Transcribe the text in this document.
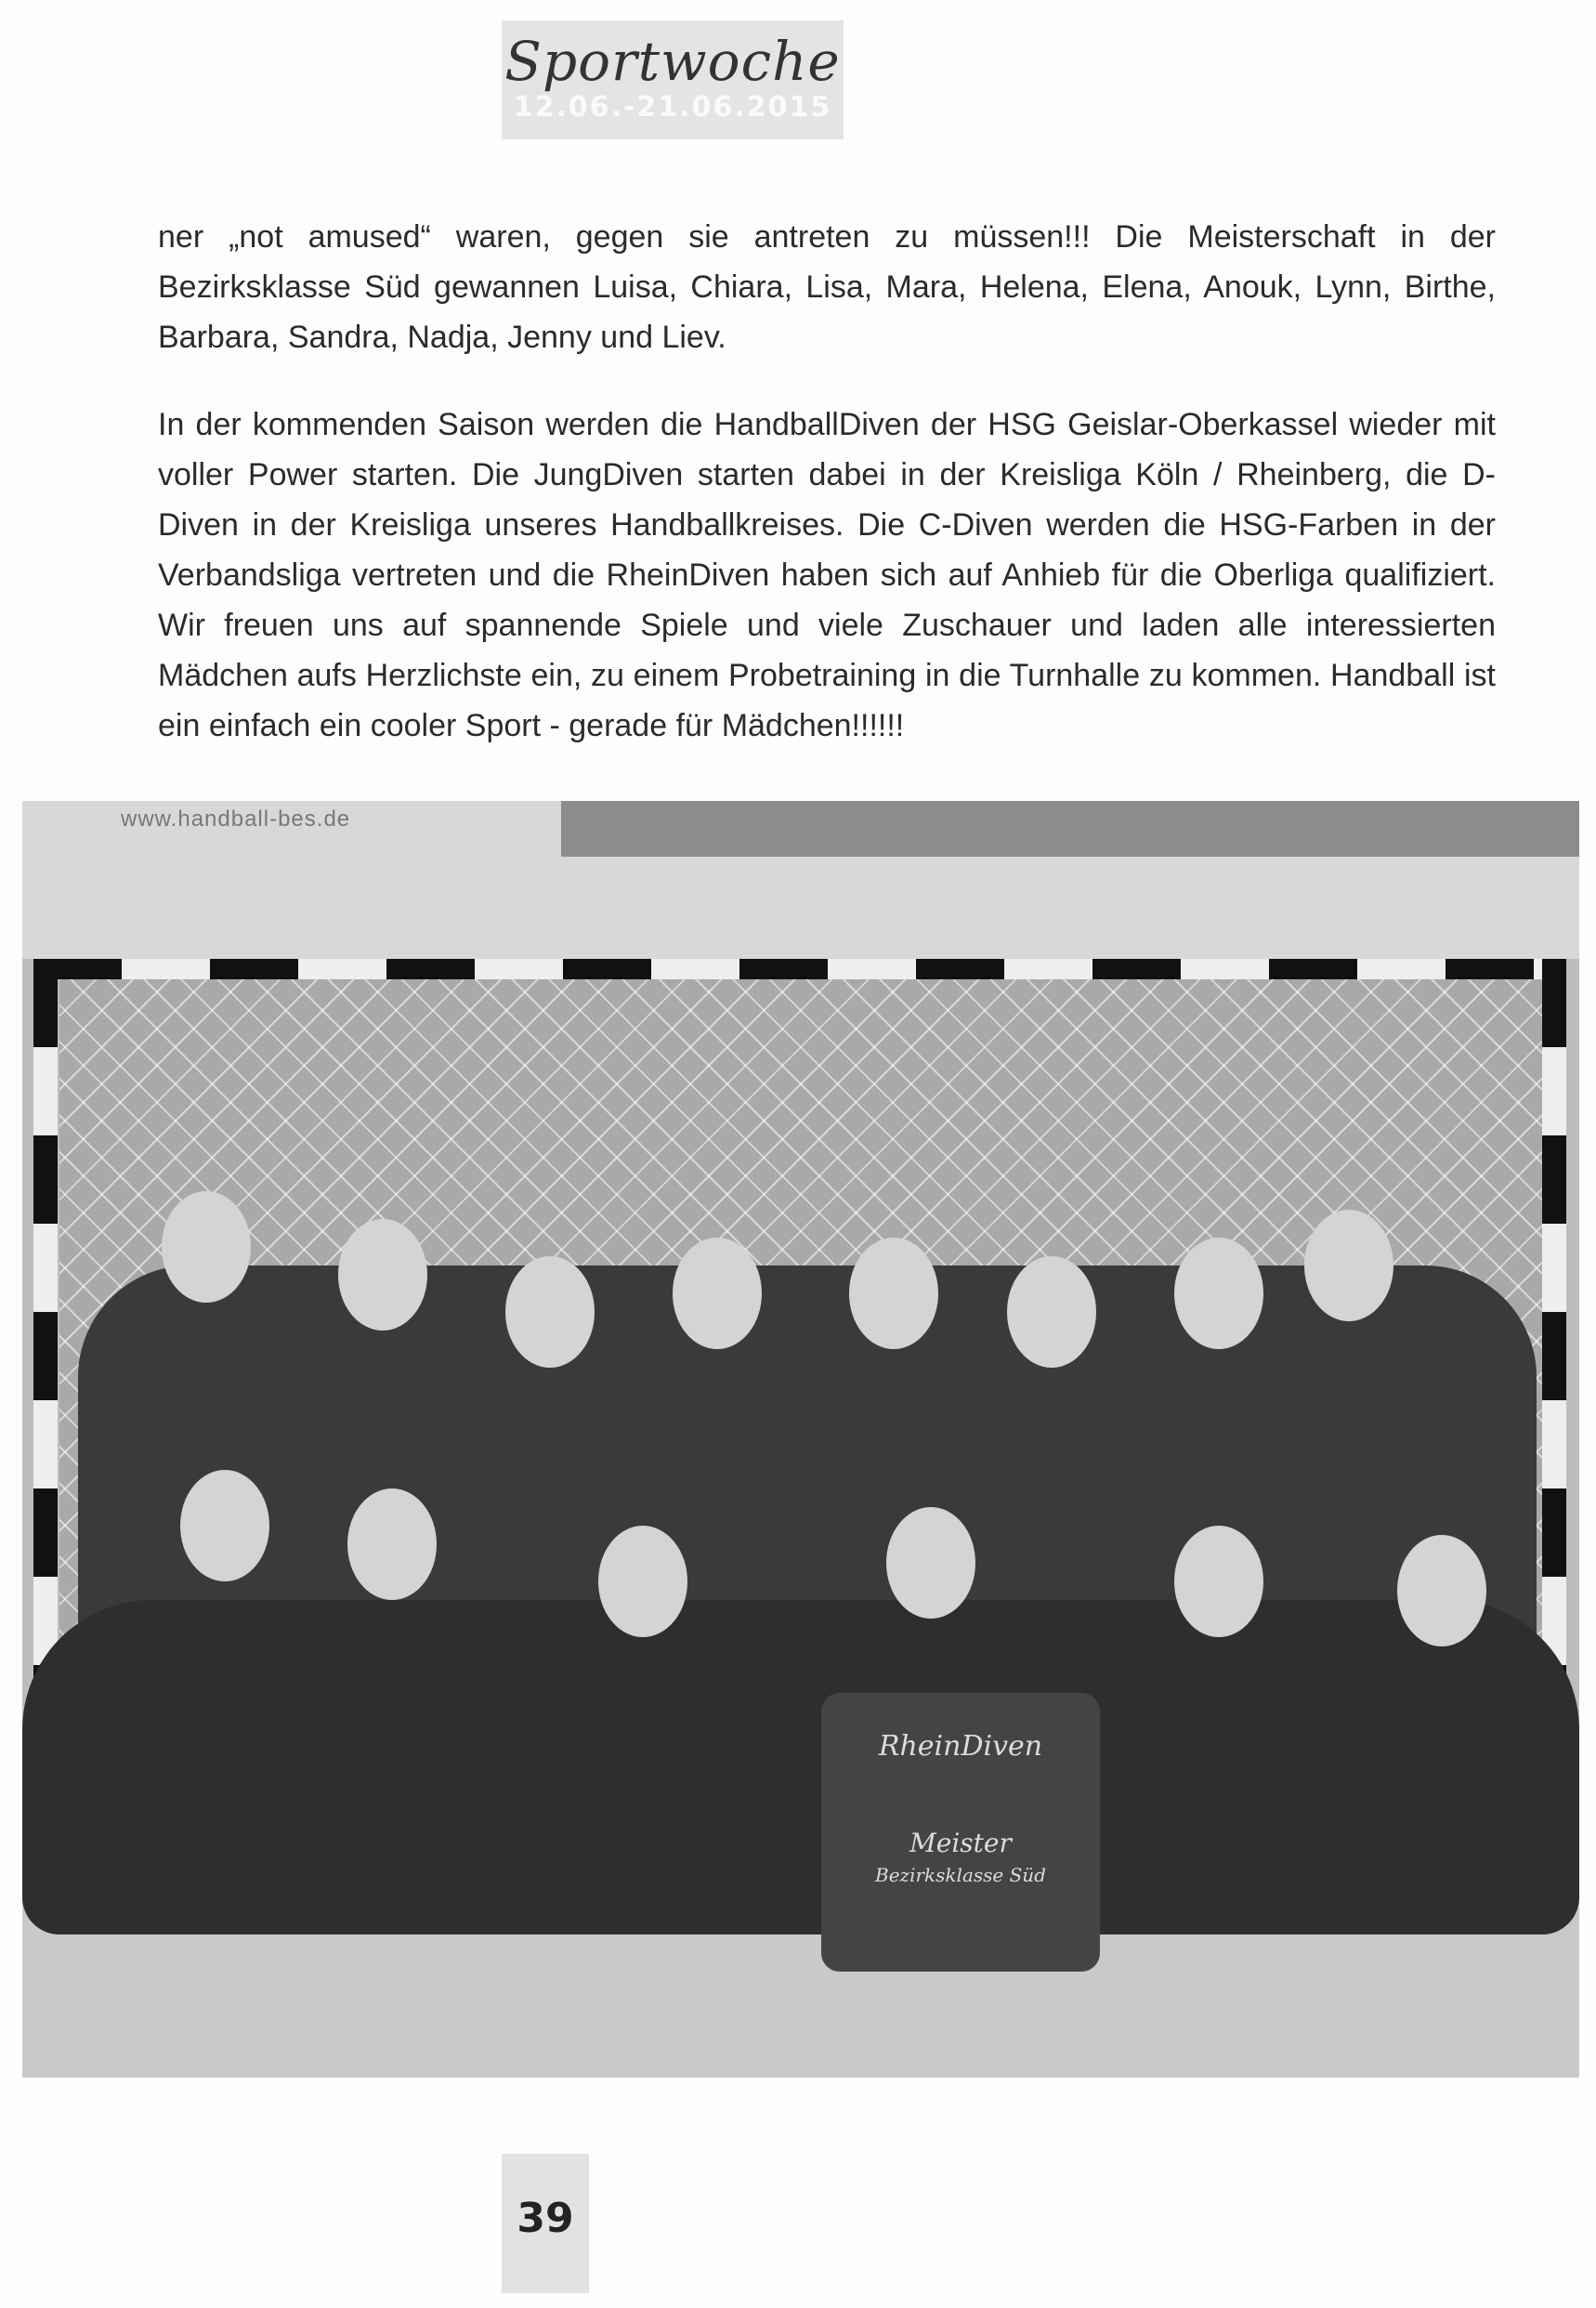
Sportwoche
12.06.-21.06.2015

ner „not amused“ waren, gegen sie antreten zu müssen!!! Die Meisterschaft in der Bezirksklasse Süd gewannen Luisa, Chiara, Lisa, Mara, Helena, Elena, Anouk, Lynn, Birthe, Barbara, Sandra, Nadja, Jenny und Liev.

In der kommenden Saison werden die HandballDiven der HSG Geislar-Oberkassel wieder mit voller Power starten. Die JungDiven starten dabei in der Kreisliga Köln / Rheinberg, die D-Diven in der Kreisliga unseres Handballkreises. Die C-Diven werden die HSG-Farben in der Verbandsliga vertreten und die RheinDiven haben sich auf Anhieb für die Oberliga qualifiziert. Wir freuen uns auf spannende Spiele und viele Zuschauer und laden alle interessierten Mädchen aufs Herzlichste ein, zu einem Probetraining in die Turnhalle zu kommen. Handball ist ein einfach ein cooler Sport - gerade für Mädchen!!!!!!

www.handball-bes.de
RheinDiven
Meister
Bezirksklasse Süd
39
